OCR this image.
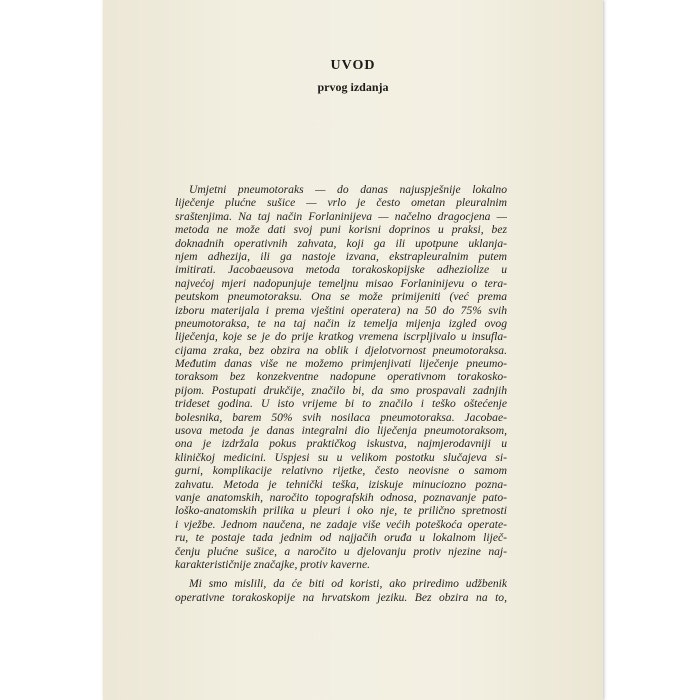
UVOD
prvog izdanja
Umjetni pneumotoraks — do danas najuspješnije lokalno
liječenje plućne sušice — vrlo je često ometan pleuralnim
sraštenjima. Na taj način Forlaninijeva — načelno dragocjena —
metoda ne može dati svoj puni korisni doprinos u praksi, bez
doknadnih operativnih zahvata, koji ga ili upotpune uklanja-
njem adhezija, ili ga nastoje izvana, ekstrapleuralnim putem
imitirati. Jacobaeusova metoda torakoskopijske adheziolize u
najvećoj mjeri nadopunjuje temeljnu misao Forlaninijevu o tera-
peutskom pneumotoraksu. Ona se može primijeniti (već prema
izboru materijala i prema vještini operatera) na 50 do 75% svih
pneumotoraksa, te na taj način iz temelja mijenja izgled ovog
liječenja, koje se je do prije kratkog vremena iscrpljivalo u insufla-
cijama zraka, bez obzira na oblik i djelotvornost pneumotoraksa.
Međutim danas više ne možemo primjenjivati liječenje pneumo-
toraksom bez konzekventne nadopune operativnom torakosko-
pijom. Postupati drukčije, značilo bi, da smo prospavali zadnjih
trideset godina. U isto vrijeme bi to značilo i teško oštećenje
bolesnika, barem 50% svih nosilaca pneumotoraksa. Jacobae-
usova metoda je danas integralni dio liječenja pneumotoraksom,
ona je izdržala pokus praktičkog iskustva, najmjerodavniji u
kliničkoj medicini. Uspjesi su u velikom postotku slučajeva si-
gurni, komplikacije relativno rijetke, često neovisne o samom
zahvatu. Metoda je tehnički teška, iziskuje minuciozno pozna-
vanje anatomskih, naročito topografskih odnosa, poznavanje pato-
loško-anatomskih prilika u pleuri i oko nje, te prilično spretnosti
i vježbe. Jednom naučena, ne zadaje više većih poteškoća operate-
ru, te postaje tada jednim od najjačih oruđa u lokalnom liječ-
čenju plućne sušice, a naročito u djelovanju protiv njezine naj-
karakterističnije značajke, protiv kaverne.
Mi smo mislili, da će biti od koristi, ako priredimo udžbenik
operativne torakoskopije na hrvatskom jeziku. Bez obzira na to,
